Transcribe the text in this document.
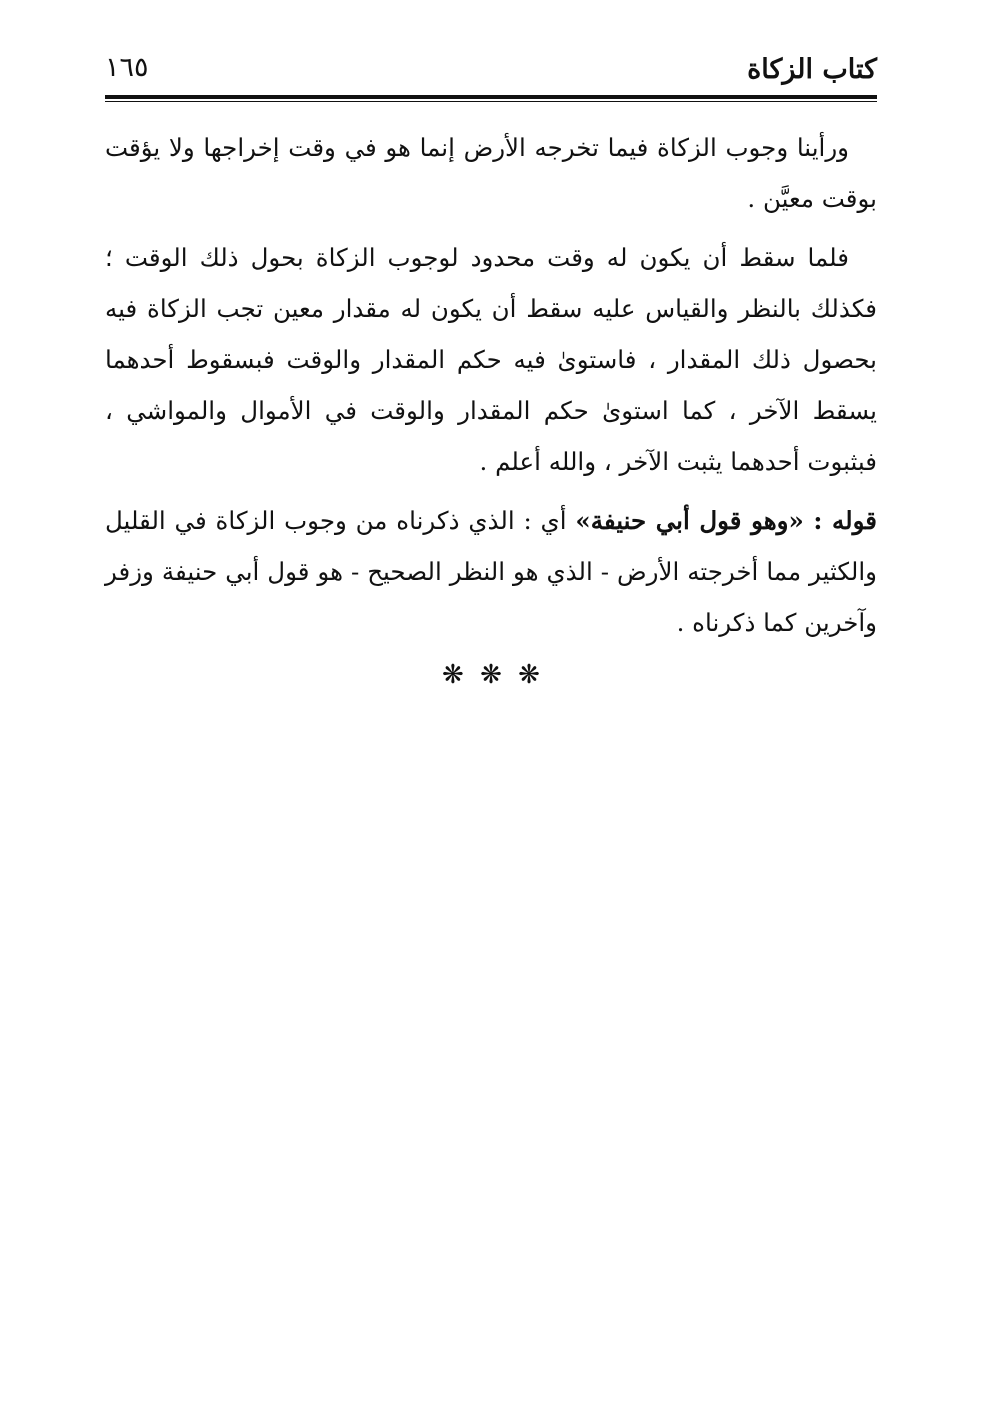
كتاب الزكاة
١٦٥

ورأينا وجوب الزكاة فيما تخرجه الأرض إنما هو في وقت إخراجها ولا يؤقت بوقت معيَّن .

فلما سقط أن يكون له وقت محدود لوجوب الزكاة بحول ذلك الوقت ؛ فكذلك بالنظر والقياس عليه سقط أن يكون له مقدار معين تجب الزكاة فيه بحصول ذلك المقدار ، فاستوىٰ فيه حكم المقدار والوقت فبسقوط أحدهما يسقط الآخر ، كما استوىٰ حكم المقدار والوقت في الأموال والمواشي ، فبثبوت أحدهما يثبت الآخر ، والله أعلم .

قوله : «وهو قول أبي حنيفة» أي : الذي ذكرناه من وجوب الزكاة في القليل والكثير مما أخرجته الأرض - الذي هو النظر الصحيح - هو قول أبي حنيفة وزفر وآخرين كما ذكرناه .

❋ ❋ ❋
